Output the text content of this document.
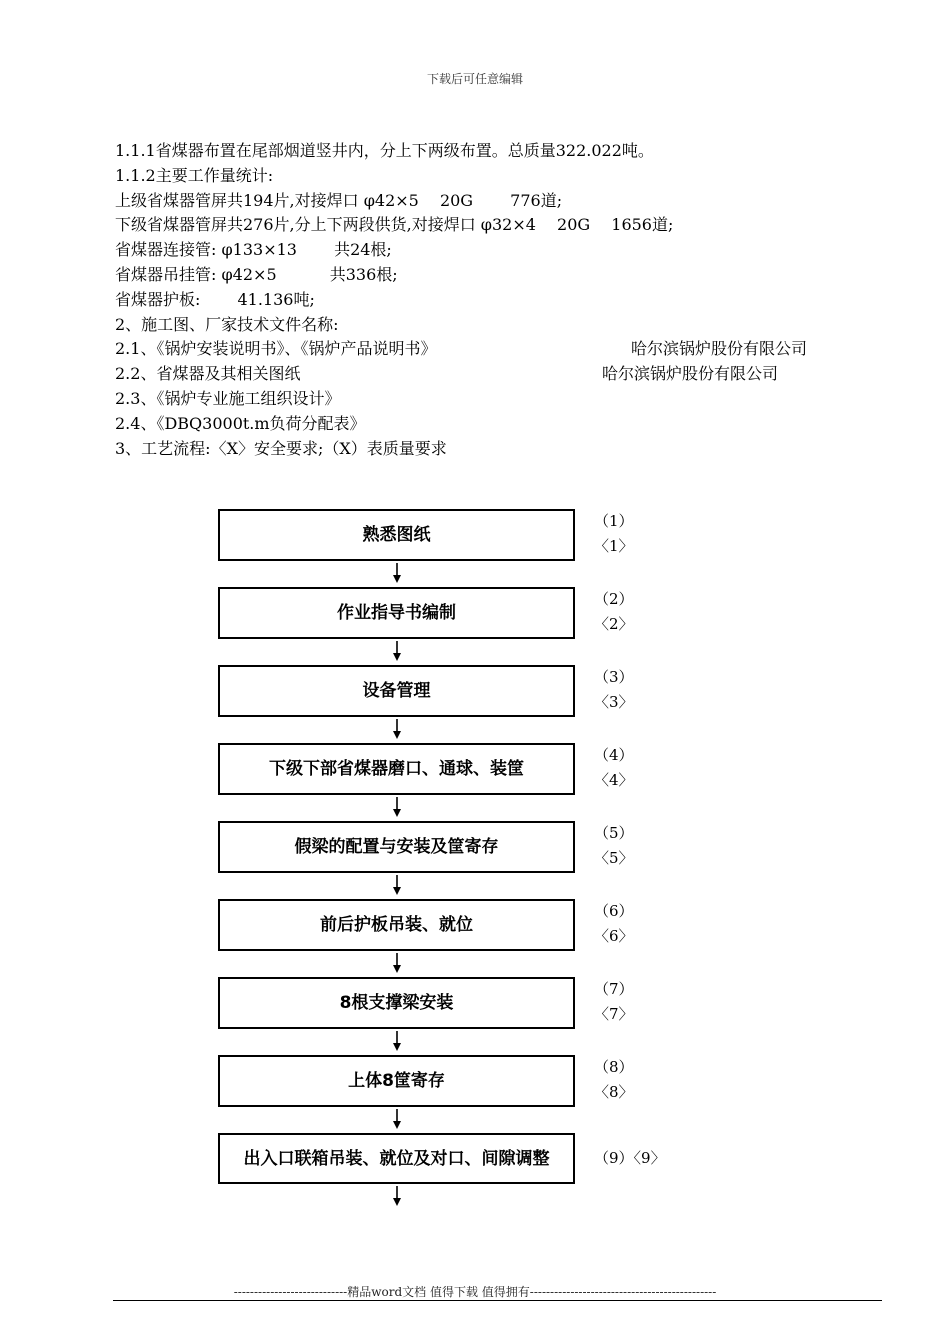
下载后可任意编辑
1.1.1省煤器布置在尾部烟道竖井内，分上下两级布置。总质量322.022吨。
1.1.2主要工作量统计:
上级省煤器管屏共194片,对接焊口 φ42×5　 20G　　 776道;
下级省煤器管屏共276片,分上下两段供货,对接焊口 φ32×4　 20G　 1656道;
省煤器连接管: φ133×13　　 共24根;
省煤器吊挂管: φ42×5　　　 共336根;
省煤器护板:　　 41.136吨;
2、施工图、厂家技术文件名称:
2.1、《锅炉安装说明书》、《锅炉产品说明书》	哈尔滨锅炉股份有限公司
2.2、省煤器及其相关图纸	哈尔滨锅炉股份有限公司
2.3、《锅炉专业施工组织设计》
2.4、《DBQ3000t.m负荷分配表》
3、工艺流程:〈X〉安全要求;（X）表质量要求
熟悉图纸
（1）
〈1〉
作业指导书编制
（2）
〈2〉
设备管理
（3）
〈3〉
下级下部省煤器磨口、通球、装筐
（4）
〈4〉
假梁的配置与安装及筐寄存
（5）
〈5〉
前后护板吊装、就位
（6）
〈6〉
8根支撑梁安装
（7）
〈7〉
上体8筐寄存
（8）
〈8〉
出入口联箱吊装、就位及对口、间隙调整	（9）〈9〉
----------------------------精品word文档 值得下载 值得拥有----------------------------------------------
